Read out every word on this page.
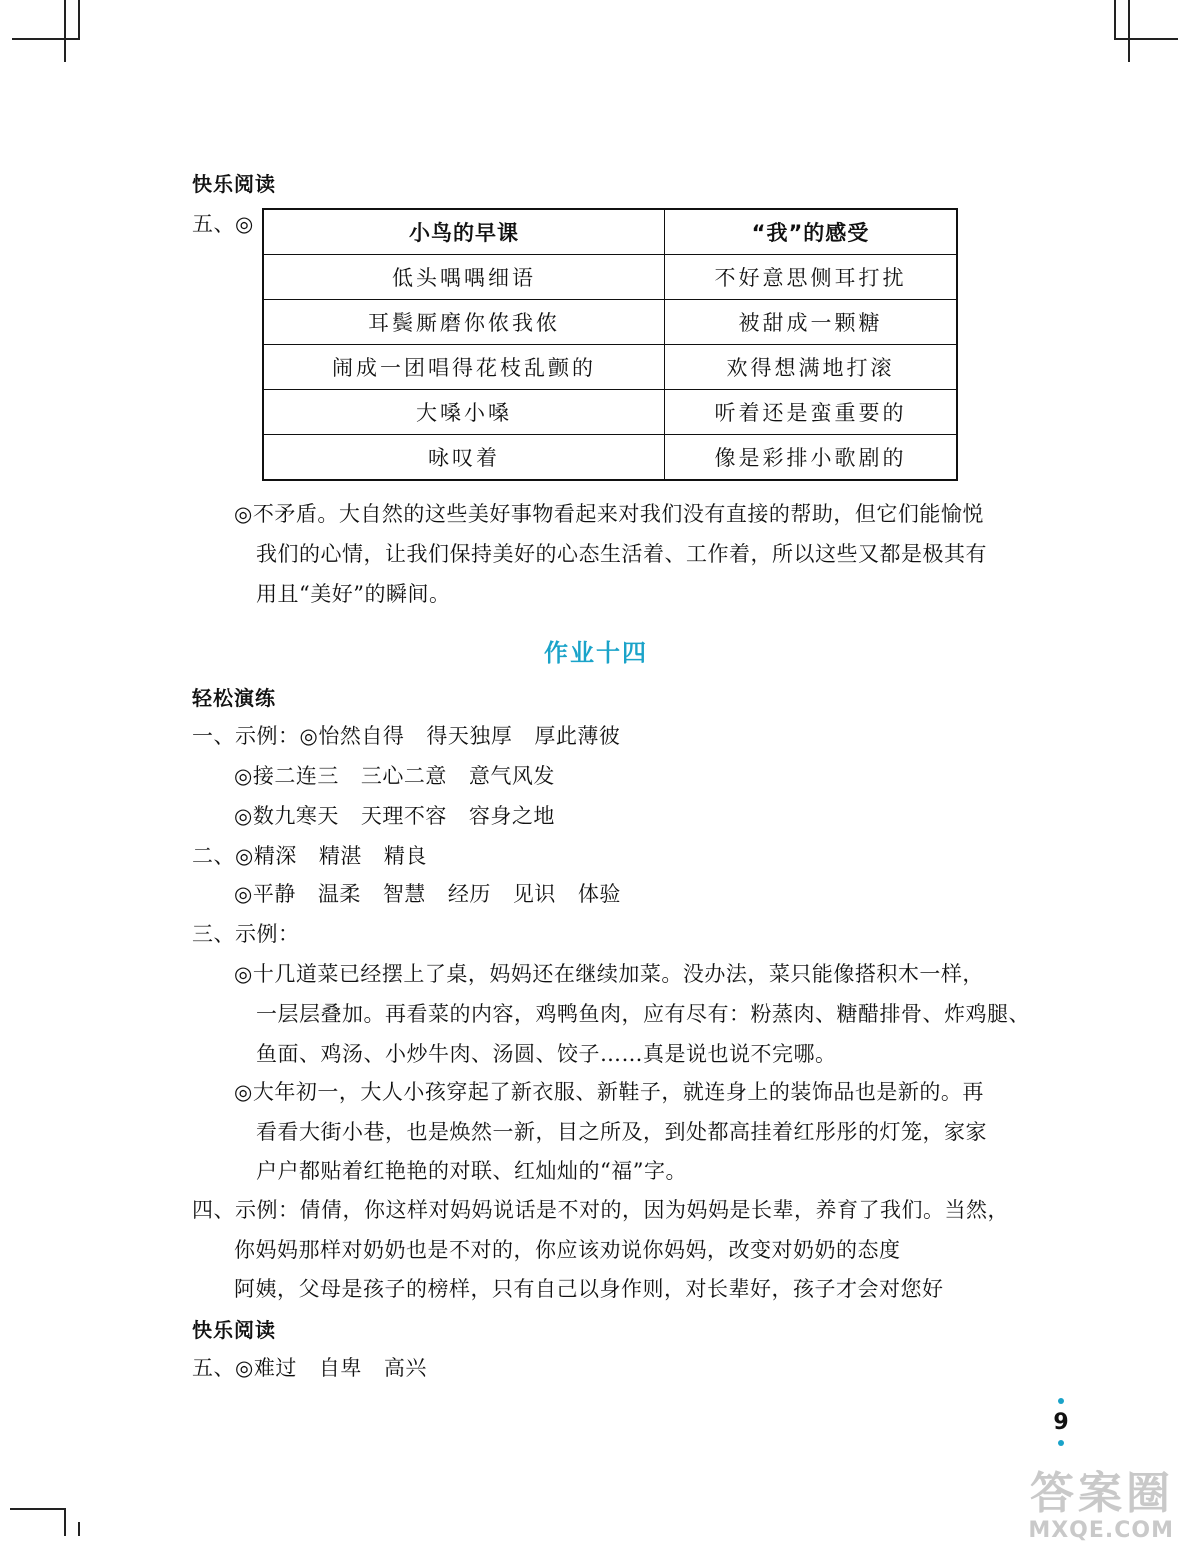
快乐阅读
五、◎	小鸟的早课	“我”的感受
低头喁喁细语	不好意思侧耳打扰
耳鬓厮磨你侬我侬	被甜成一颗糖
闹成一团唱得花枝乱颤的	欢得想满地打滚
大嗓小嗓	听着还是蛮重要的
咏叹着	像是彩排小歌剧的
◎不矛盾。大自然的这些美好事物看起来对我们没有直接的帮助，但它们能愉悦
我们的心情，让我们保持美好的心态生活着、工作着，所以这些又都是极其有
用且“美好”的瞬间。
作业十四
轻松演练
一、示例：◎怡然自得 得天独厚 厚此薄彼
◎接二连三 三心二意 意气风发
◎数九寒天 天理不容 容身之地
二、◎精深 精湛 精良
◎平静 温柔 智慧 经历 见识 体验
三、示例：
◎十几道菜已经摆上了桌，妈妈还在继续加菜。没办法，菜只能像搭积木一样，
一层层叠加。再看菜的内容，鸡鸭鱼肉，应有尽有：粉蒸肉、糖醋排骨、炸鸡腿、
鱼面、鸡汤、小炒牛肉、汤圆、饺子……真是说也说不完哪。
◎大年初一，大人小孩穿起了新衣服、新鞋子，就连身上的装饰品也是新的。再
看看大街小巷，也是焕然一新，目之所及，到处都高挂着红彤彤的灯笼，家家
户户都贴着红艳艳的对联、红灿灿的“福”字。
四、示例：倩倩，你这样对妈妈说话是不对的，因为妈妈是长辈，养育了我们。当然，
你妈妈那样对奶奶也是不对的，你应该劝说你妈妈，改变对奶奶的态度
阿姨，父母是孩子的榜样，只有自己以身作则，对长辈好，孩子才会对您好
快乐阅读
五、◎难过 自卑 高兴
9
答案圈
MXQE.COM
